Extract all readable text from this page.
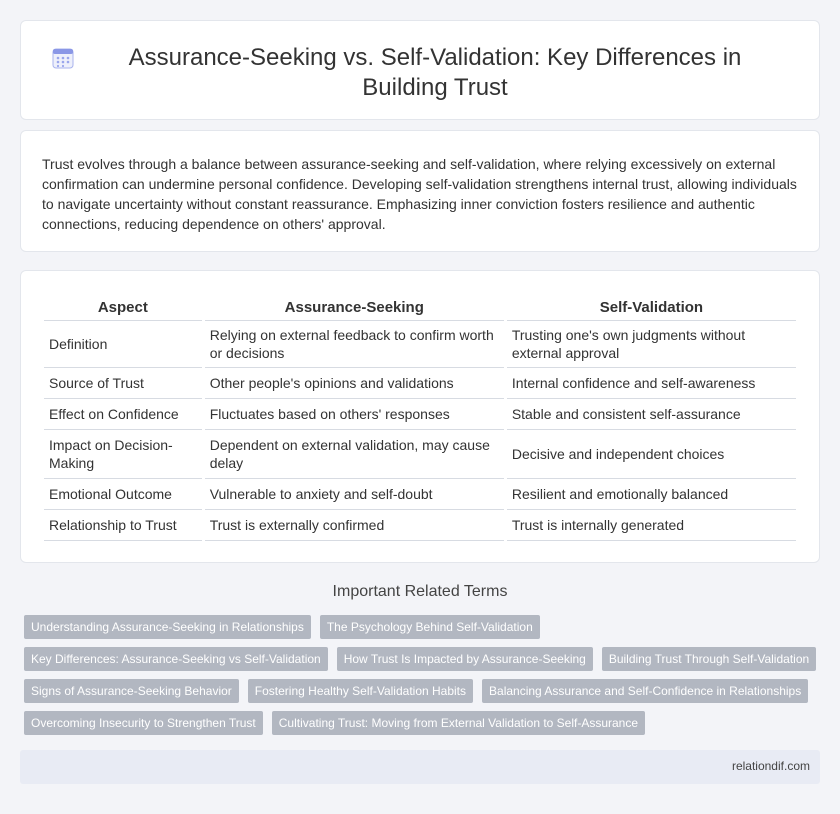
Assurance-Seeking vs. Self-Validation: Key Differences in Building Trust

Trust evolves through a balance between assurance-seeking and self-validation, where relying excessively on external confirmation can undermine personal confidence. Developing self-validation strengthens internal trust, allowing individuals to navigate uncertainty without constant reassurance. Emphasizing inner conviction fosters resilience and authentic connections, reducing dependence on others' approval.

Aspect	Assurance-Seeking	Self-Validation
Definition	Relying on external feedback to confirm worth or decisions	Trusting one's own judgments without external approval
Source of Trust	Other people's opinions and validations	Internal confidence and self-awareness
Effect on Confidence	Fluctuates based on others' responses	Stable and consistent self-assurance
Impact on Decision-Making	Dependent on external validation, may cause delay	Decisive and independent choices
Emotional Outcome	Vulnerable to anxiety and self-doubt	Resilient and emotionally balanced
Relationship to Trust	Trust is externally confirmed	Trust is internally generated
Important Related Terms
Understanding Assurance-Seeking in Relationships	The Psychology Behind Self-Validation
Key Differences: Assurance-Seeking vs Self-Validation	How Trust Is Impacted by Assurance-Seeking	Building Trust Through Self-Validation
Signs of Assurance-Seeking Behavior	Fostering Healthy Self-Validation Habits	Balancing Assurance and Self-Confidence in Relationships
Overcoming Insecurity to Strengthen Trust	Cultivating Trust: Moving from External Validation to Self-Assurance
relationdif.com
